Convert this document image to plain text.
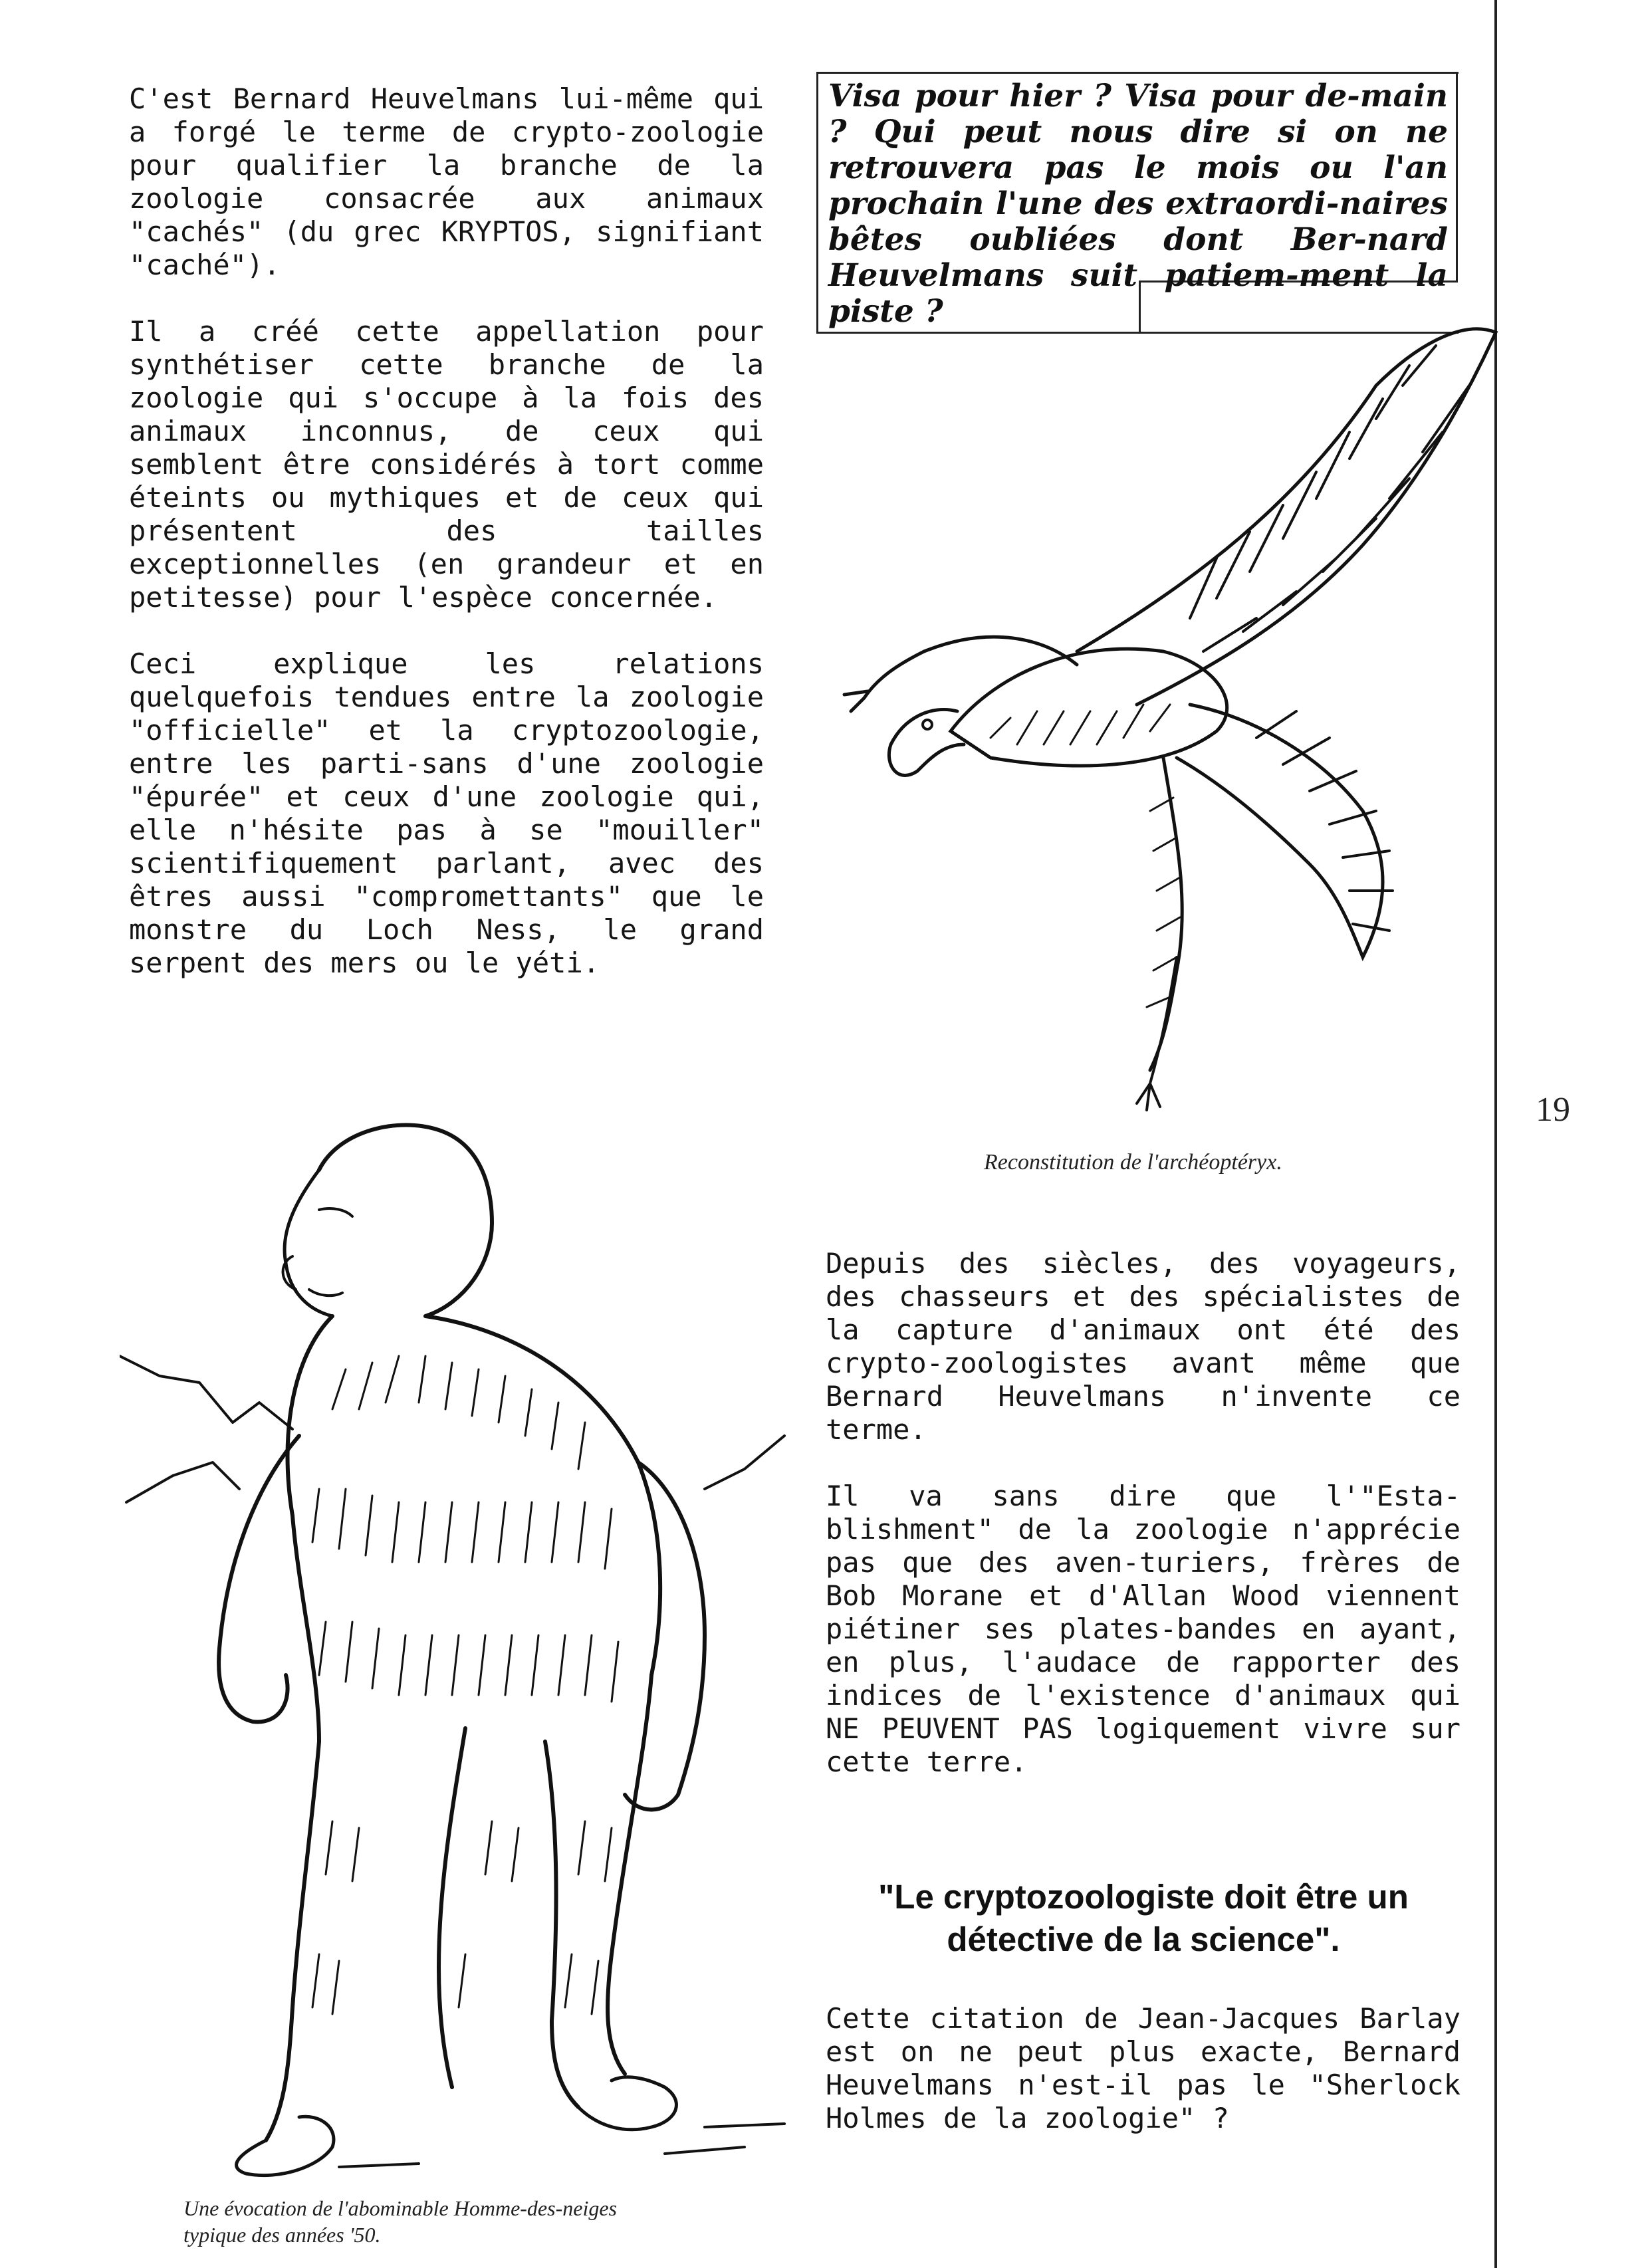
C'est Bernard Heuvelmans lui-même qui a forgé le terme de crypto-zoologie pour qualifier la branche de la zoologie consacrée aux animaux "cachés" (du grec KRYPTOS, signifiant "caché").

Il a créé cette appellation pour synthétiser cette branche de la zoologie qui s'occupe à la fois des animaux inconnus, de ceux qui semblent être considérés à tort comme éteints ou mythiques et de ceux qui présentent des tailles exceptionnelles (en grandeur et en petitesse) pour l'espèce concernée.

Ceci explique les relations quelquefois tendues entre la zoologie "officielle" et la cryptozoologie, entre les parti-sans d'une zoologie "épurée" et ceux d'une zoologie qui, elle n'hésite pas à se "mouiller" scientifiquement parlant, avec des êtres aussi "compromettants" que le monstre du Loch Ness, le grand serpent des mers ou le yéti.

Visa pour hier ? Visa pour de-main ? Qui peut nous dire si on ne retrouvera pas le mois ou l'an prochain l'une des extraordi-naires bêtes oubliées dont Ber-nard Heuvelmans suit patiem-ment la piste ?
19
Reconstitution de l'archéoptéryx.
Une évocation de l'abominable Homme-des-neiges
typique des années '50.

Depuis des siècles, des voyageurs, des chasseurs et des spécialistes de la capture d'animaux ont été des crypto-zoologistes avant même que Bernard Heuvelmans n'invente ce terme.

Il va sans dire que l'"Esta-blishment" de la zoologie n'apprécie pas que des aven-turiers, frères de Bob Morane et d'Allan Wood viennent piétiner ses plates-bandes en ayant, en plus, l'audace de rapporter des indices de l'existence d'animaux qui NE PEUVENT PAS logiquement vivre sur cette terre.

"Le cryptozoologiste doit être un détective de la science".
Cette citation de Jean-Jacques Barlay est on ne peut plus exacte, Bernard Heuvelmans n'est-il pas le "Sherlock Holmes de la zoologie" ?
